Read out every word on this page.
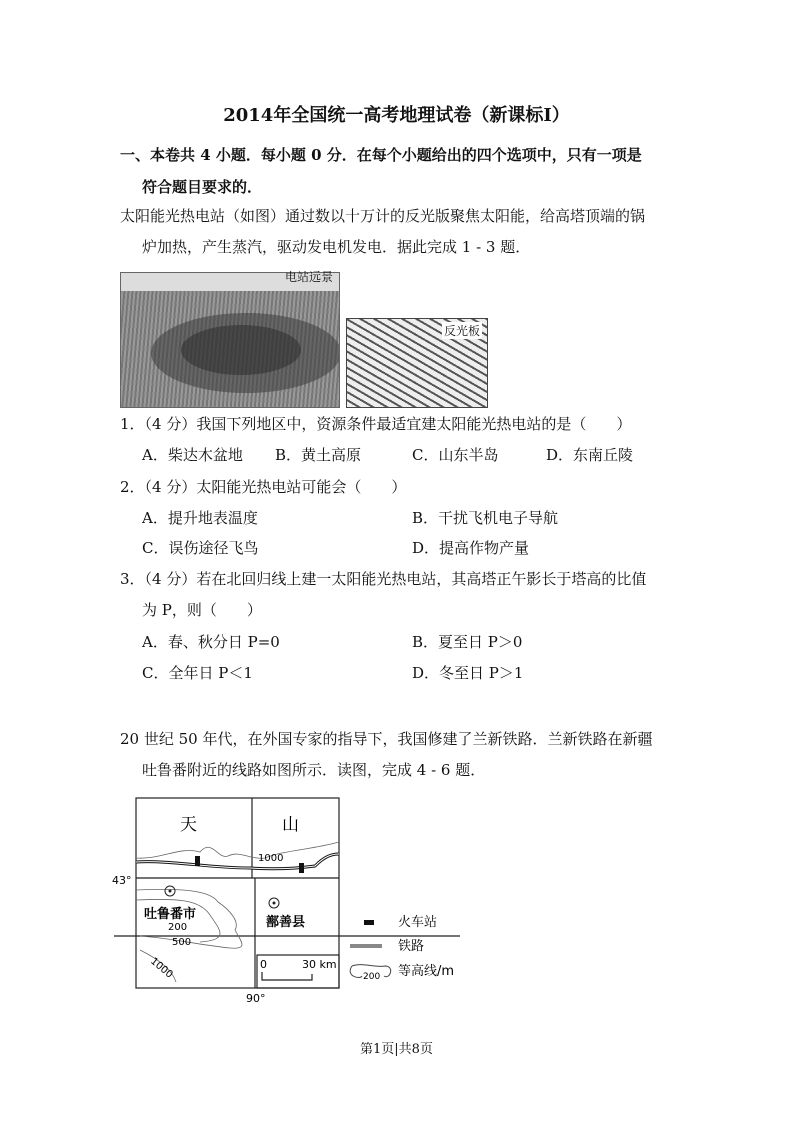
2014年全国统一高考地理试卷（新课标Ⅰ）
一、本卷共 4 小题．每小题 0 分．在每个小题给出的四个选项中，只有一项是
符合题目要求的．
太阳能光热电站（如图）通过数以十万计的反光版聚焦太阳能，给高塔顶端的锅
炉加热，产生蒸汽，驱动发电机发电．据此完成 1 - 3 题．
电站远景
反光板
1．（4 分）我国下列地区中，资源条件最适宜建太阳能光热电站的是（　　）
A．柴达木盆地 B．黄土高原	C．山东半岛	D．东南丘陵
2．（4 分）太阳能光热电站可能会（　　）
A．提升地表温度	B．干扰飞机电子导航
C．误伤途径飞鸟	D．提高作物产量
3．（4 分）若在北回归线上建一太阳能光热电站，其高塔正午影长于塔高的比值
为 P，则（　　）
A．春、秋分日 P=0	B．夏至日 P＞0
C．全年日 P＜1	D．冬至日 P＞1
20 世纪 50 年代，在外国专家的指导下，我国修建了兰新铁路．兰新铁路在新疆
吐鲁番附近的线路如图所示．读图，完成 4 - 6 题．
天	山
1000
200
500
1000
43°
90°
吐鲁番市
鄯善县
0	30 km
火车站
铁路
200 等高线/m
第1页|共8页
